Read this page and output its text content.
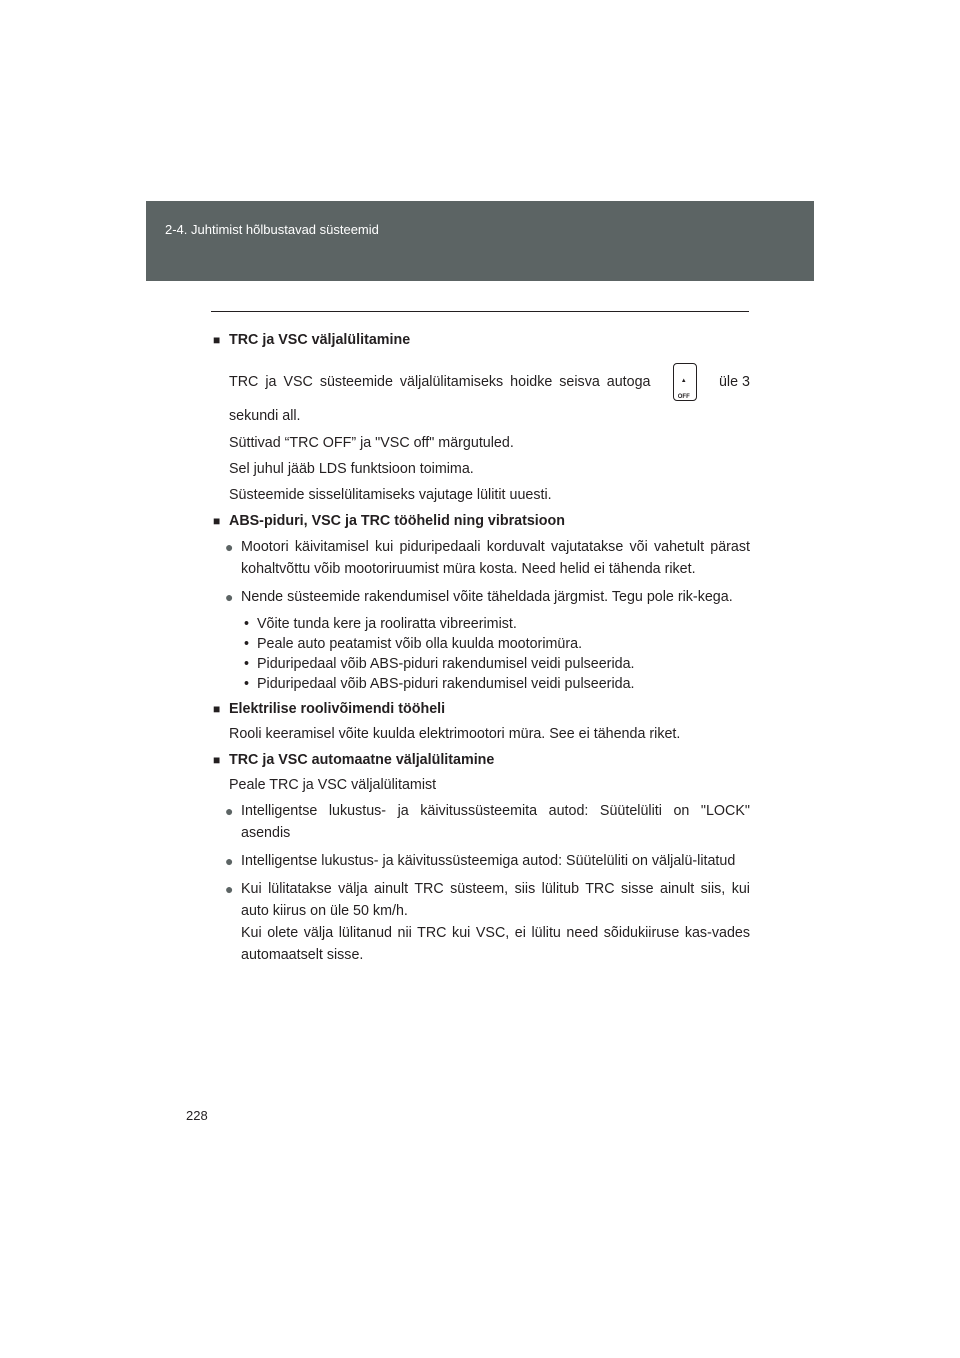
2-4. Juhtimist hõlbustavad süsteemid
■ TRC ja VSC väljalülitamine
TRC ja VSC süsteemide väljalülitamiseks hoidke seisva autoga	▲
OFF
üle 3
sekundi all.
Süttivad “TRC OFF” ja "VSC off" märgutuled.
Sel juhul jääb LDS funktsioon toimima.
Süsteemide sisselülitamiseks vajutage lülitit uuesti.
■ ABS-piduri, VSC ja TRC tööhelid ning vibratsioon
● Mootori käivitamisel kui piduripedaali korduvalt vajutatakse või vahetult pärast kohaltvõttu võib mootoriruumist müra kosta. Need helid ei tähenda riket.
● Nende süsteemide rakendumisel võite täheldada järgmist. Tegu pole rik-kega.
• Võite tunda kere ja rooliratta vibreerimist.
• Peale auto peatamist võib olla kuulda mootorimüra.
• Piduripedaal võib ABS-piduri rakendumisel veidi pulseerida.
• Piduripedaal võib ABS-piduri rakendumisel veidi pulseerida.
■ Elektrilise roolivõimendi tööheli
Rooli keeramisel võite kuulda elektrimootori müra. See ei tähenda riket.
■ TRC ja VSC automaatne väljalülitamine
Peale TRC ja VSC väljalülitamist
● Intelligentse lukustus- ja käivitussüsteemita autod: Süütelüliti on "LOCK" asendis
● Intelligentse lukustus- ja käivitussüsteemiga autod: Süütelüliti on väljalü-litatud
● Kui lülitatakse välja ainult TRC süsteem, siis lülitub TRC sisse ainult siis, kui auto kiirus on üle 50 km/h.
Kui olete välja lülitanud nii TRC kui VSC, ei lülitu need sõidukiiruse kas-vades automaatselt sisse.
228
